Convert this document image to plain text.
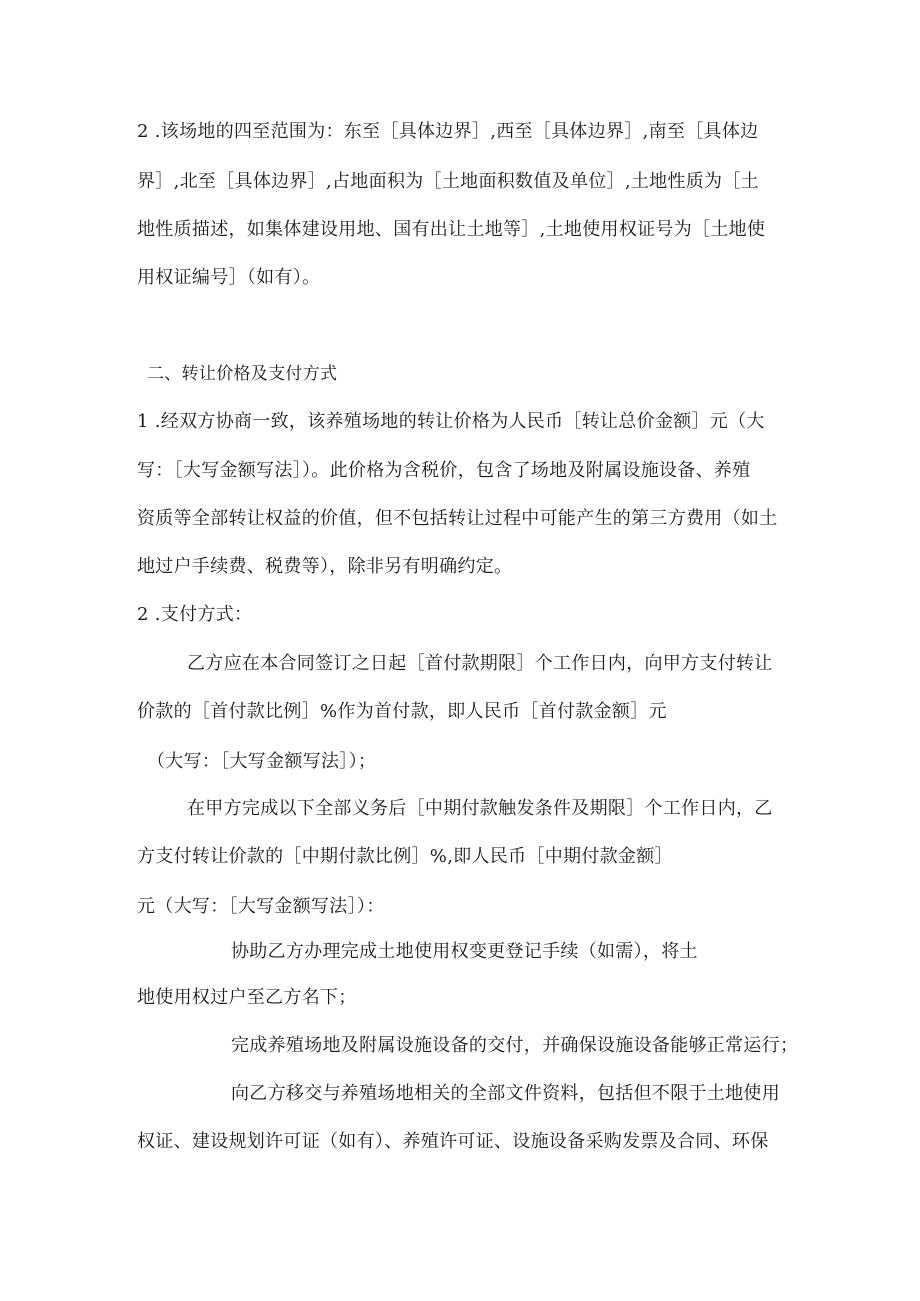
2 .该场地的四至范围为：东至［具体边界］,西至［具体边界］,南至［具体边
界］,北至［具体边界］,占地面积为［土地面积数值及单位］,土地性质为［土
地性质描述，如集体建设用地、国有出让土地等］,土地使用权证号为［土地使
用权证编号］（如有）。
二、转让价格及支付方式
1 .经双方协商一致，该养殖场地的转让价格为人民币［转让总价金额］元（大
写：［大写金额写法］）。此价格为含税价，包含了场地及附属设施设备、养殖
资质等全部转让权益的价值，但不包括转让过程中可能产生的第三方费用（如土
地过户手续费、税费等），除非另有明确约定。
2 .支付方式：
乙方应在本合同签订之日起［首付款期限］个工作日内，向甲方支付转让
价款的［首付款比例］%作为首付款，即人民币［首付款金额］元
（大写：［大写金额写法］）；
在甲方完成以下全部义务后［中期付款触发条件及期限］个工作日内，乙
方支付转让价款的［中期付款比例］%,即人民币［中期付款金额］
元（大写：［大写金额写法］）：
协助乙方办理完成土地使用权变更登记手续（如需），将土
地使用权过户至乙方名下；
完成养殖场地及附属设施设备的交付，并确保设施设备能够正常运行；
向乙方移交与养殖场地相关的全部文件资料，包括但不限于土地使用
权证、建设规划许可证（如有）、养殖许可证、设施设备采购发票及合同、环保
